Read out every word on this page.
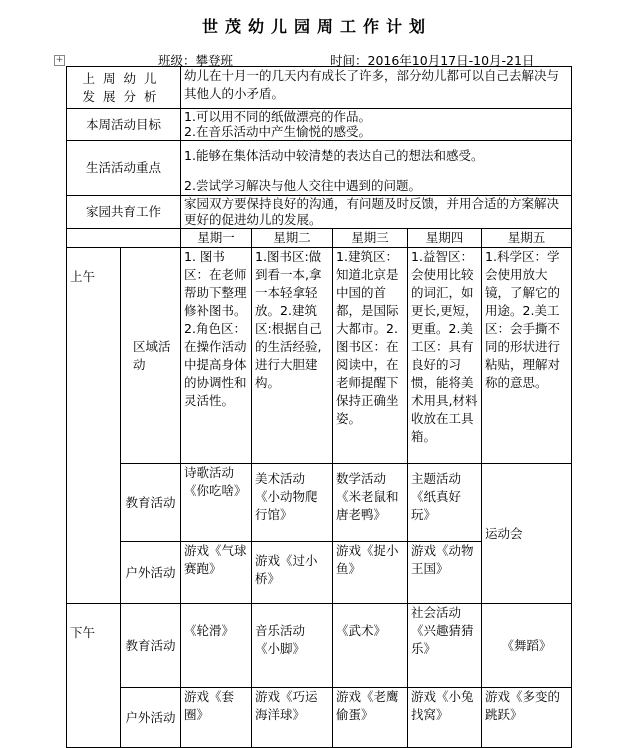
世茂幼儿园周工作计划
+	班级：攀登班	时间：2016年10月17日-10月-21日
上周幼儿
发展分析		幼儿在十月一的几天内有成长了许多，部分幼儿都可以自己去解决与其他人的小矛盾。				
本周活动目标		1.可以用不同的纸做漂亮的作品。
2.在音乐活动中产生愉悦的感受。				

生活活动重点		1.能够在集体活动中较清楚的表达自己的想法和感受。
2.尝试学习解决与他人交往中遇到的问题。				

家园共育工作		家园双方要保持良好的沟通，有问题及时反馈，并用合适的方案解决更好的促进幼儿的发展。				
		星期一	星期二	星期三	星期四	星期五
上午	区域活动	1. 图书区：在老师帮助下整理修补图书。2.角色区：在操作活动中提高身体的协调性和灵活性。	1.图书区:做到看一本,拿一本轻拿轻放。2.建筑区:根据自己的生活经验,进行大胆建构。	1.建筑区：知道北京是中国的首都，是国际大都市。2.图书区：在阅读中，在老师提醒下保持正确坐姿。	1.益智区：会使用比较的词汇，如更长,更短，更重。2.美工区：具有良好的习惯，能将美术用具,材料收放在工具箱。	1.科学区：学会使用放大镜，了解它的用途。2.美工区：会手撕不同的形状进行粘贴，理解对称的意思。
	教育活动	诗歌活动《你吃啥》	美术活动《小动物爬行馆》	数学活动《米老鼠和唐老鸭》	主题活动《纸真好玩》	运动会
	户外活动	游戏《气球赛跑》	游戏《过小桥》	游戏《捉小鱼》	游戏《动物王国》	
下午	教育活动	《轮滑》	音乐活动《小脚》	《武术》	社会活动《兴趣猜猜乐》	《舞蹈》
	户外活动	游戏《套圈》	游戏《巧运海洋球》	游戏《老鹰偷蛋》	游戏《小兔找窝》	游戏《多变的跳跃》
